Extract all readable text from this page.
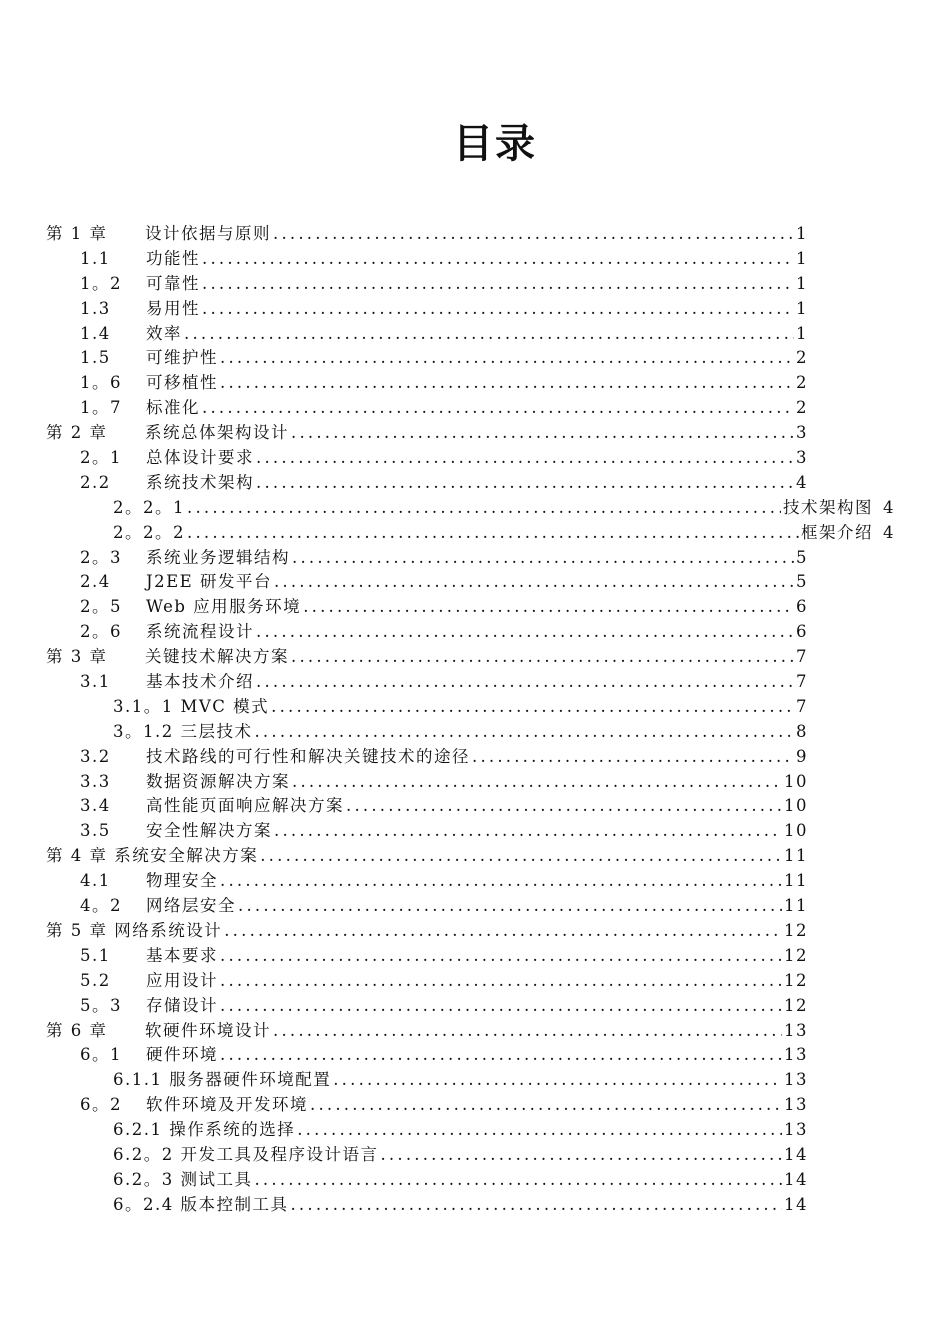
目录
第 1 章	设计依据与原则 .....	1
1.1	功能性 .....	1
1。2	可靠性 .....	1
1.3	易用性 .....	1
1.4	效率 .....	1
1.5	可维护性 .....	2
1。6	可移植性 .....	2
1。7	标准化 .....	2
第 2 章	系统总体架构设计 .....	3
2。1	总体设计要求 .....	3
2.2	系统技术架构 .....	4
2。2。1 .....	技术架构图 4
2。2。2 .....	框架介绍 4
2。3	系统业务逻辑结构 .....	5
2.4	J2EE 研发平台 .....	5
2。5	Web 应用服务环境 .....	6
2。6	系统流程设计 .....	6
第 3 章	关键技术解决方案 .....	7
3.1	基本技术介绍 .....	7
3.1。1 MVC 模式 .....	7
3。1.2 三层技术 .....	8
3.2	技术路线的可行性和解决关键技术的途径 .....	9
3.3	数据资源解决方案 .....	10
3.4	高性能页面响应解决方案 .....	10
3.5	安全性解决方案 .....	10
第 4 章 系统安全解决方案 .....	11
4.1	物理安全 .....	11
4。2	网络层安全 .....	11
第 5 章 网络系统设计 .....	12
5.1	基本要求 .....	12
5.2	应用设计 .....	12
5。3	存储设计 .....	12
第 6 章	软硬件环境设计 .....	13
6。1	硬件环境 .....	13
6.1.1 服务器硬件环境配置 .....	13
6。2	软件环境及开发环境 .....	13
6.2.1 操作系统的选择 .....	13
6.2。2 开发工具及程序设计语言 .....	14
6.2。3 测试工具 .....	14
6。2.4 版本控制工具 .....	14
